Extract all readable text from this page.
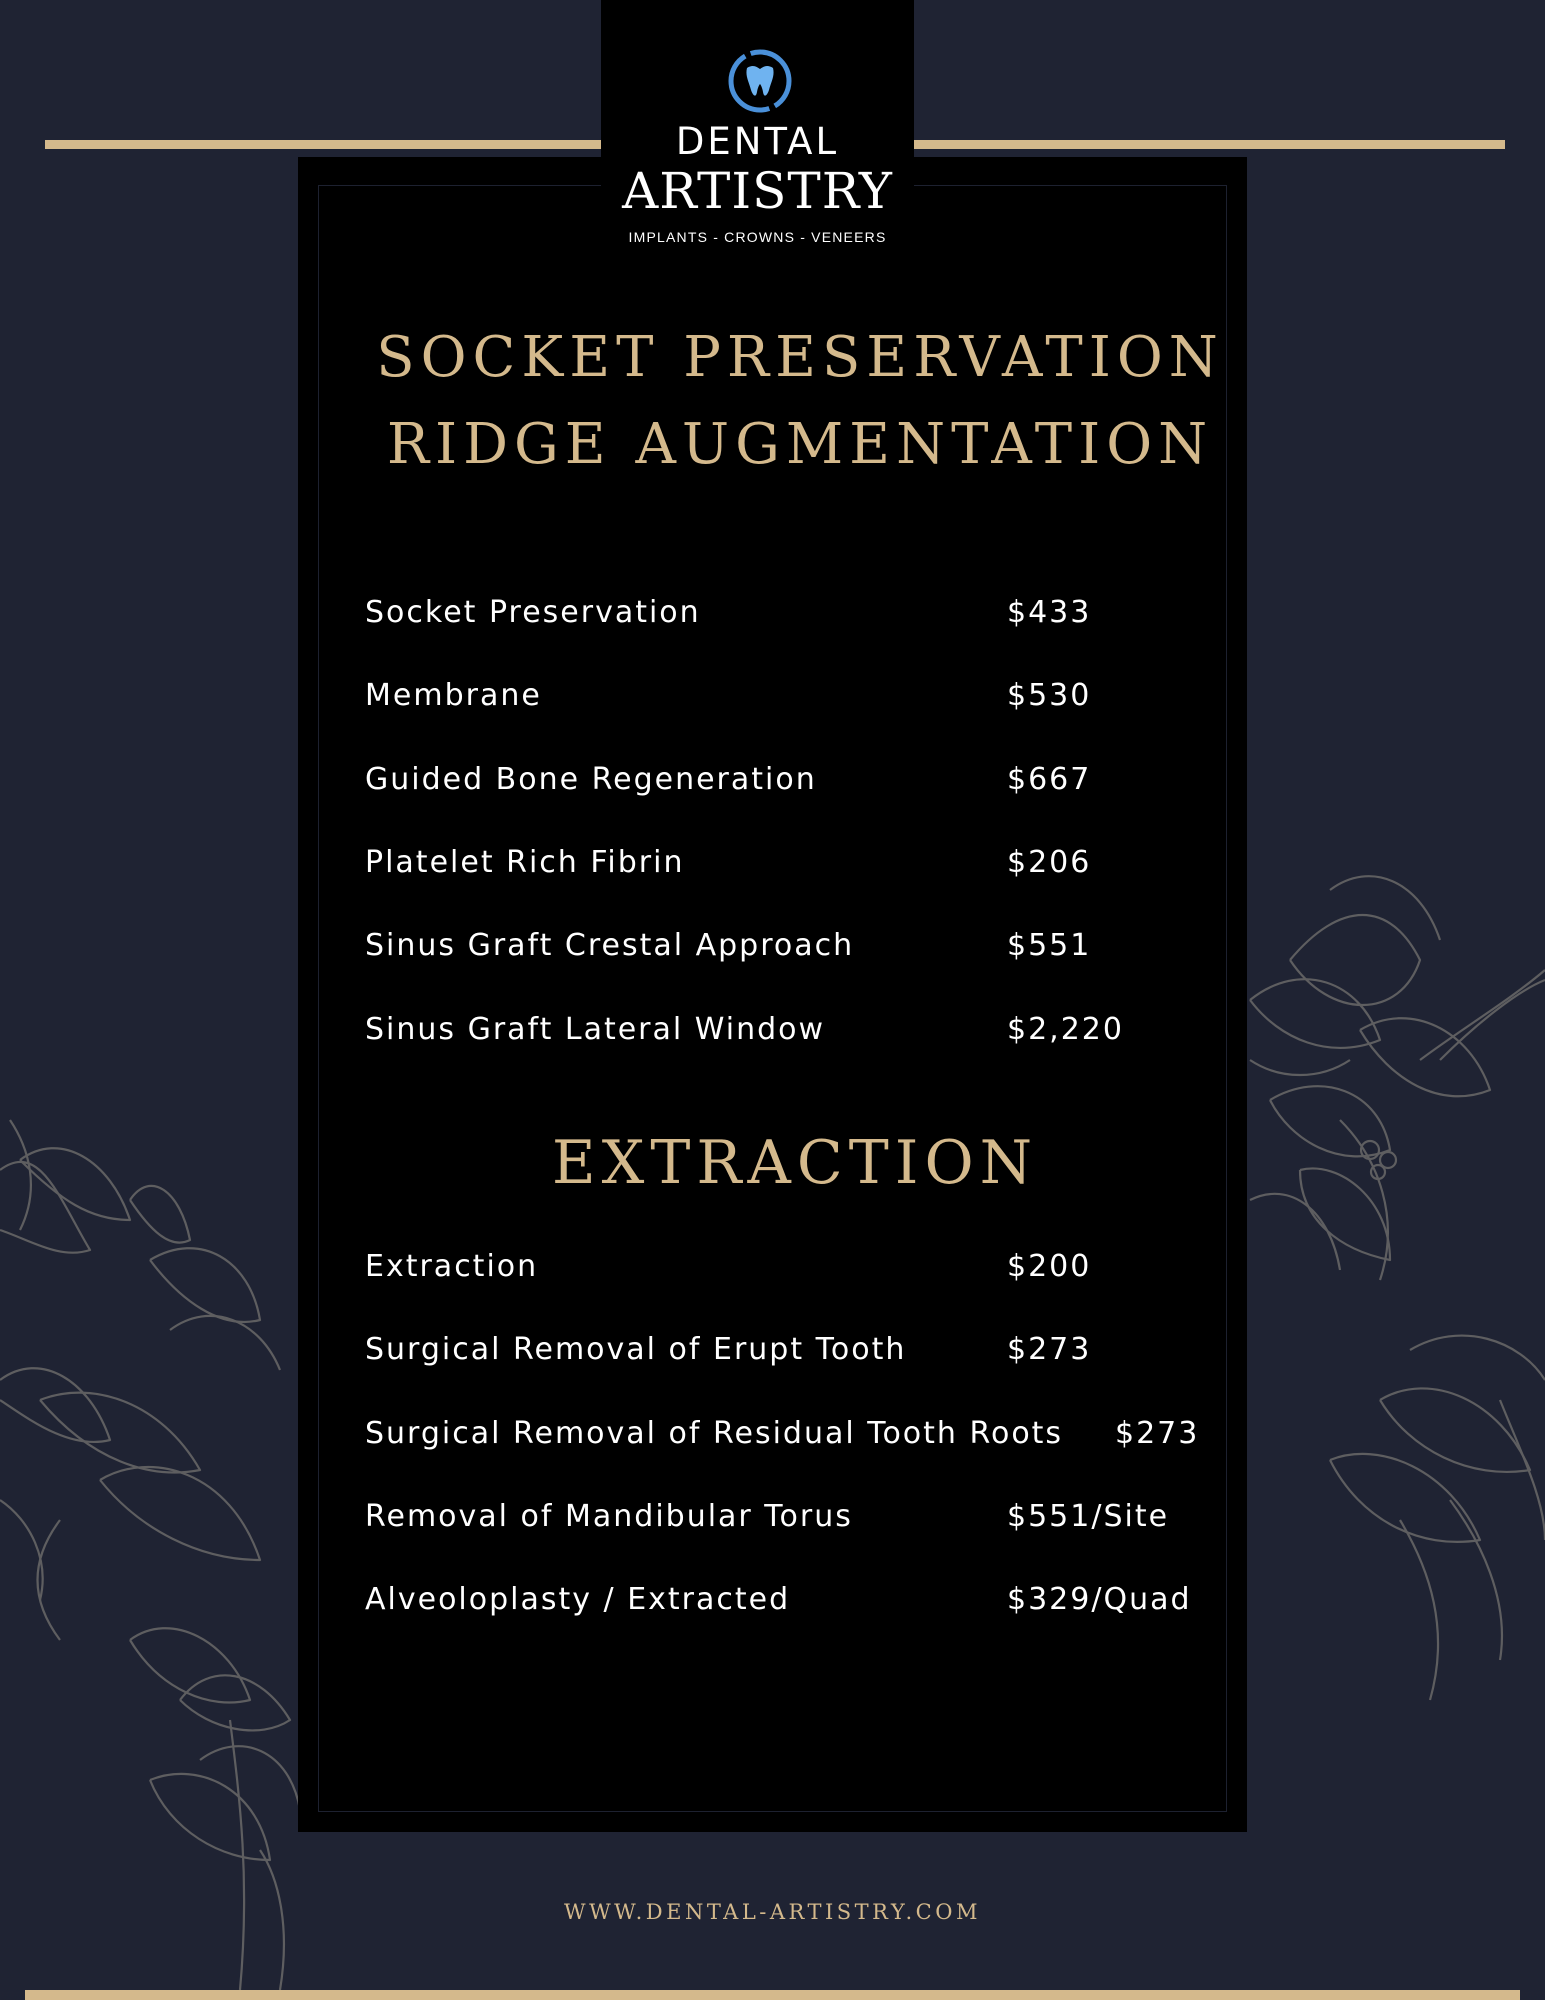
DENTAL
ARTISTRY
IMPLANTS - CROWNS - VENEERS
SOCKET PRESERVATION
RIDGE AUGMENTATION
Socket Preservation	$433
Membrane	$530
Guided Bone Regeneration	$667
Platelet Rich Fibrin	$206
Sinus Graft Crestal Approach	$551
Sinus Graft Lateral Window	$2,220
EXTRACTION
Extraction	$200
Surgical Removal of Erupt Tooth	$273
Surgical Removal of Residual Tooth Roots $273
Removal of Mandibular Torus	$551/Site
Alveoloplasty / Extracted	$329/Quad
WWW.DENTAL-ARTISTRY.COM
